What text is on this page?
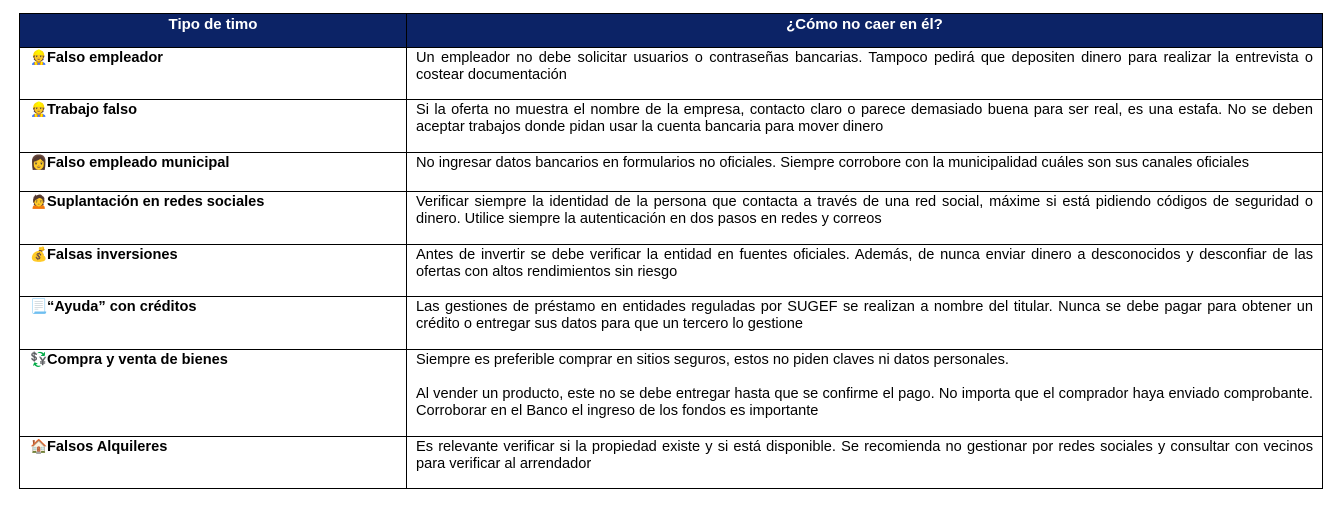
Tipo de timo	¿Cómo no caer en él?
👷Falso empleador	Un empleador no debe solicitar usuarios o contraseñas bancarias. Tampoco pedirá que depositen dinero para realizar la entrevista o costear documentación

👷Trabajo falso	Si la oferta no muestra el nombre de la empresa, contacto claro o parece demasiado buena para ser real, es una estafa. No se deben aceptar trabajos donde pidan usar la cuenta bancaria para mover dinero

👩Falso empleado municipal	No ingresar datos bancarios en formularios no oficiales. Siempre corrobore con la municipalidad cuáles son sus canales oficiales

🙍Suplantación en redes sociales	Verificar siempre la identidad de la persona que contacta a través de una red social, máxime si está pidiendo códigos de seguridad o dinero. Utilice siempre la autenticación en dos pasos en redes y correos

💰Falsas inversiones	Antes de invertir se debe verificar la entidad en fuentes oficiales. Además, de nunca enviar dinero a desconocidos y desconfiar de las ofertas con altos rendimientos sin riesgo

📃“Ayuda” con créditos	Las gestiones de préstamo en entidades reguladas por SUGEF se realizan a nombre del titular. Nunca se debe pagar para obtener un crédito o entregar sus datos para que un tercero lo gestione

💱Compra y venta de bienes	Siempre es preferible comprar en sitios seguros, estos no piden claves ni datos personales.
Al vender un producto, este no se debe entregar hasta que se confirme el pago. No importa que el comprador haya enviado comprobante. Corroborar en el Banco el ingreso de los fondos es importante

🏠Falsos Alquileres	Es relevante verificar si la propiedad existe y si está disponible. Se recomienda no gestionar por redes sociales y consultar con vecinos para verificar al arrendador
